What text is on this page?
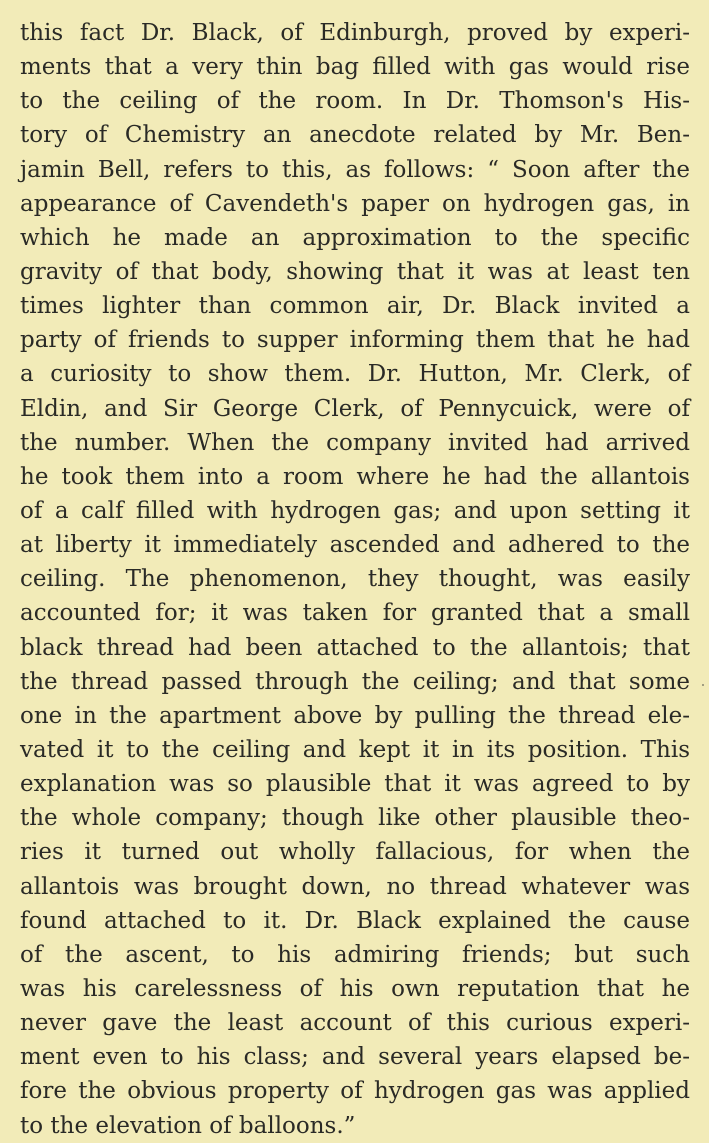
this fact Dr. Black, of Edinburgh, proved by experi-
ments that a very thin bag filled with gas would rise
to the ceiling of the room. In Dr. Thomson's His-
tory of Chemistry an anecdote related by Mr. Ben-
jamin Bell, refers to this, as follows: “ Soon after the
appearance of Cavendeth's paper on hydrogen gas, in
which he made an approximation to the specific
gravity of that body, showing that it was at least ten
times lighter than common air, Dr. Black invited a
party of friends to supper informing them that he had
a curiosity to show them. Dr. Hutton, Mr. Clerk, of
Eldin, and Sir George Clerk, of Pennycuick, were of
the number. When the company invited had arrived
he took them into a room where he had the allantois
of a calf filled with hydrogen gas; and upon setting it
at liberty it immediately ascended and adhered to the
ceiling. The phenomenon, they thought, was easily
accounted for; it was taken for granted that a small
black thread had been attached to the allantois; that
the thread passed through the ceiling; and that some
one in the apartment above by pulling the thread ele-
vated it to the ceiling and kept it in its position. This
explanation was so plausible that it was agreed to by
the whole company; though like other plausible theo-
ries it turned out wholly fallacious, for when the
allantois was brought down, no thread whatever was
found attached to it. Dr. Black explained the cause
of the ascent, to his admiring friends; but such
was his carelessness of his own reputation that he
never gave the least account of this curious experi-
ment even to his class; and several years elapsed be-
fore the obvious property of hydrogen gas was applied
to the elevation of balloons.”
